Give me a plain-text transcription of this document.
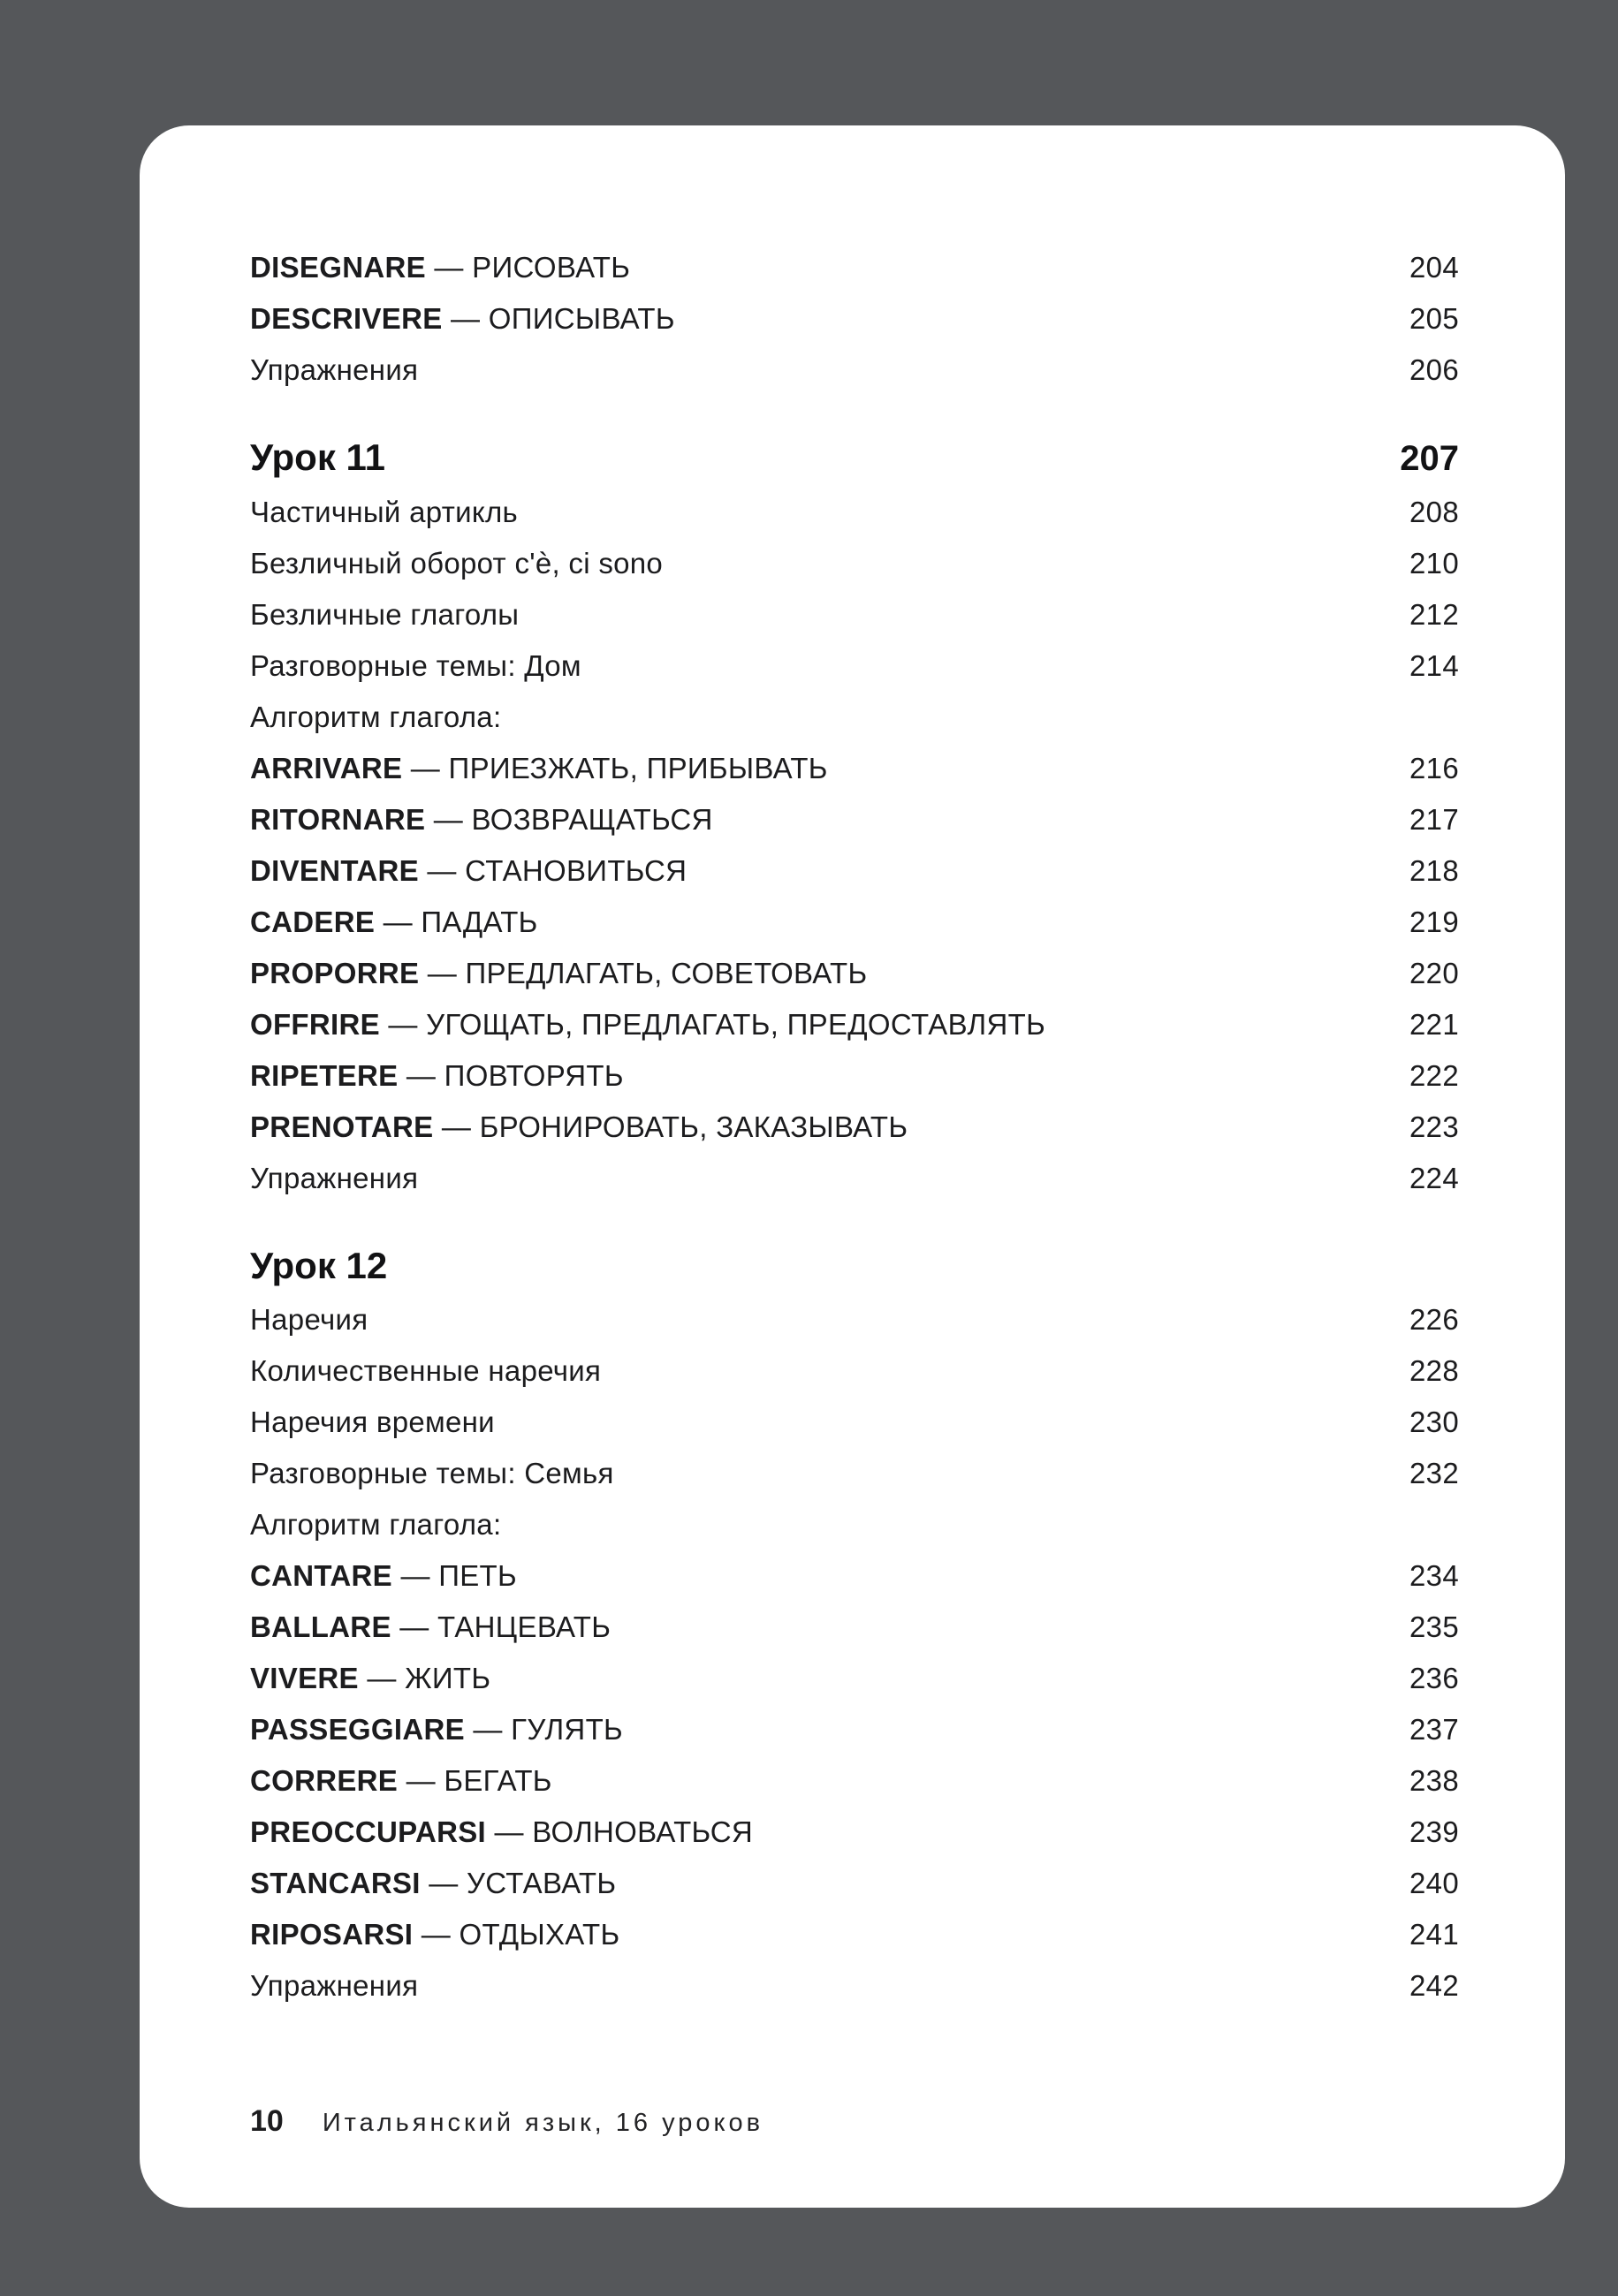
DISEGNARE — РИСОВАТЬ	204
DESCRIVERE — ОПИСЫВАТЬ	205
Упражнения	206
Урок 11	207
Частичный артикль	208
Безличный оборот c'è, ci sono	210
Безличные глаголы	212
Разговорные темы: Дом	214
Алгоритм глагола:
ARRIVARE — ПРИЕЗЖАТЬ, ПРИБЫВАТЬ	216
RITORNARE — ВОЗВРАЩАТЬСЯ	217
DIVENTARE — СТАНОВИТЬСЯ	218
CADERE — ПАДАТЬ	219
PROPORRE — ПРЕДЛАГАТЬ, СОВЕТОВАТЬ	220
OFFRIRE — УГОЩАТЬ, ПРЕДЛАГАТЬ, ПРЕДОСТАВЛЯТЬ	221
RIPETERE — ПОВТОРЯТЬ	222
PRENOTARE — БРОНИРОВАТЬ, ЗАКАЗЫВАТЬ	223
Упражнения	224
Урок 12
Наречия	226
Количественные наречия	228
Наречия времени	230
Разговорные темы: Семья	232
Алгоритм глагола:
CANTARE — ПЕТЬ	234
BALLARE — ТАНЦЕВАТЬ	235
VIVERE — ЖИТЬ	236
PASSEGGIARE — ГУЛЯТЬ	237
CORRERE — БЕГАТЬ	238
PREOCCUPARSI — ВОЛНОВАТЬСЯ	239
STANCARSI — УСТАВАТЬ	240
RIPOSARSI — ОТДЫХАТЬ	241
Упражнения	242
10 Итальянский язык, 16 уроков
